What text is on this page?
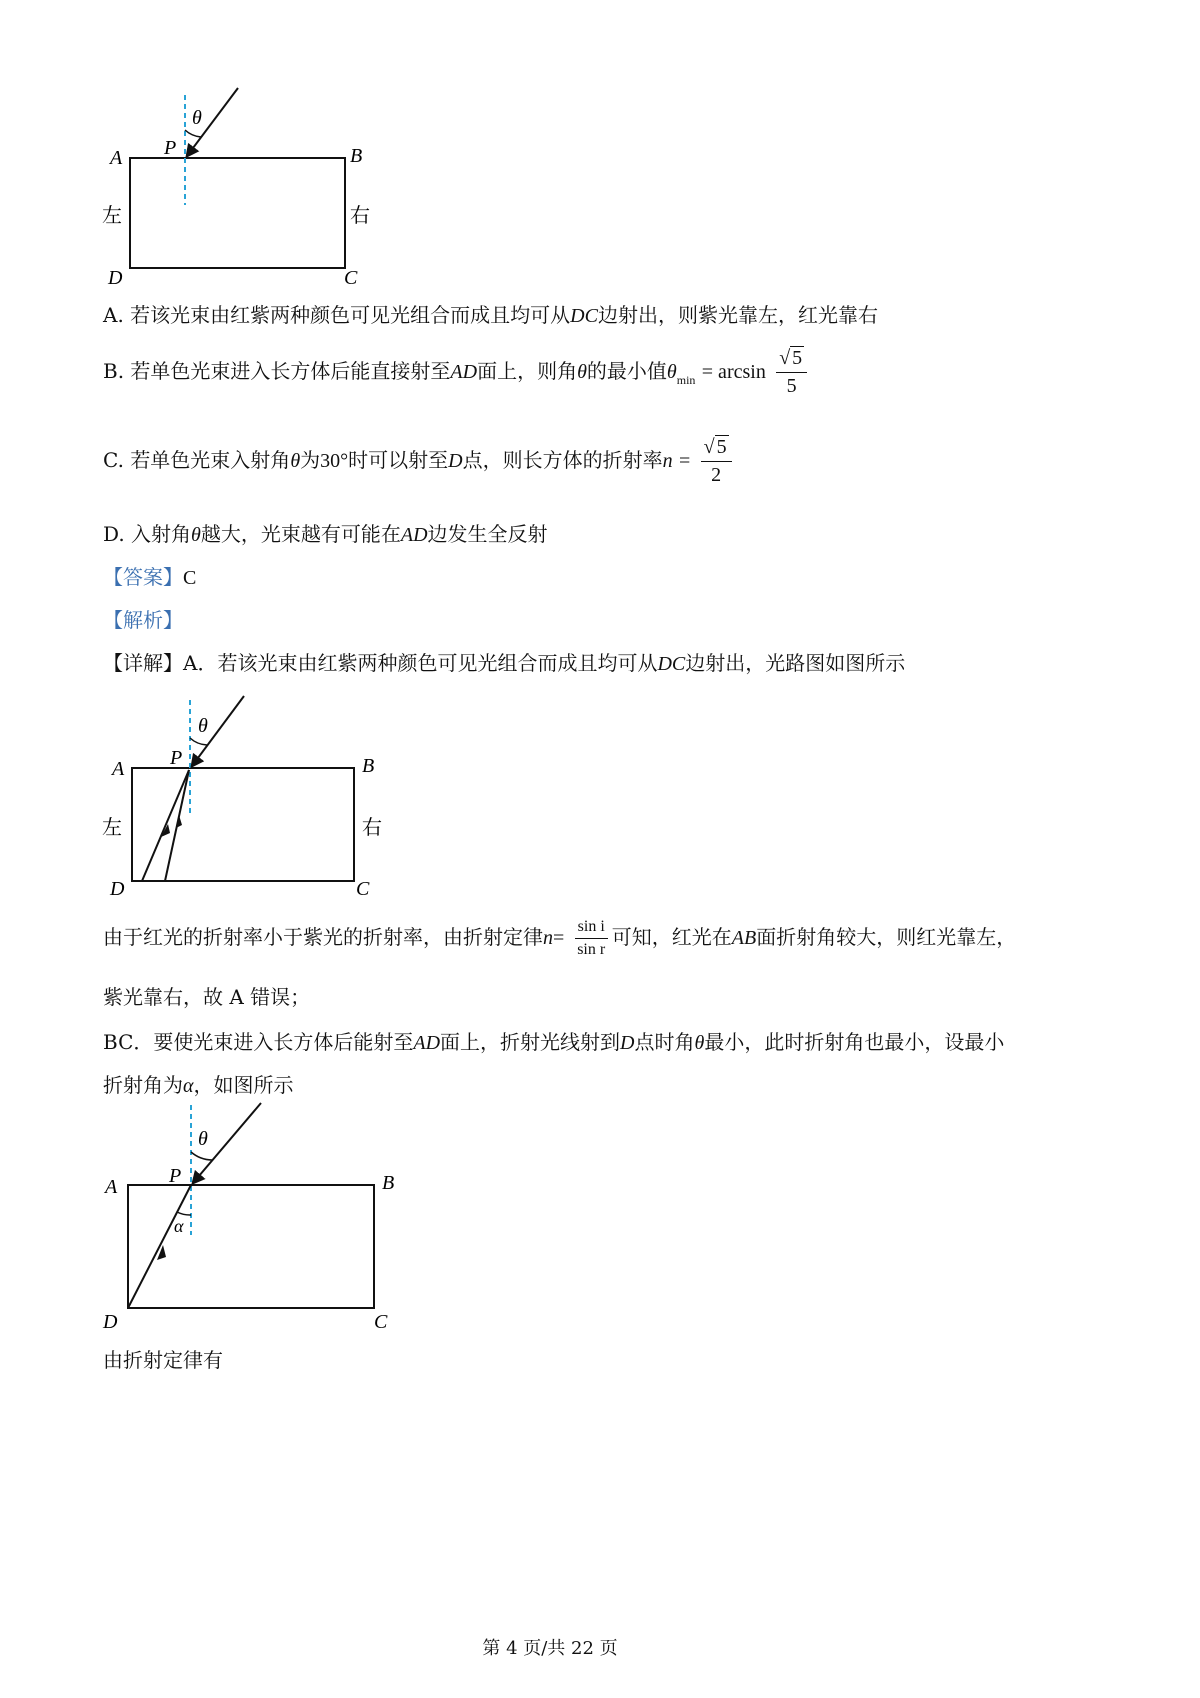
θ
P
A	B
D	C
左	右
A. 若该光束由红紫两种颜色可见光组合而成且均可从DC边射出，则紫光靠左，红光靠右
B. 若单色光束进入长方体后能直接射至AD面上，则角θ的最小值$\theta_{min} = \arcsin \frac{√ 5}{5}$
C. 若单色光束入射角θ为30°时可以射至D点，则长方体的折射率$n = \frac{√ 5}{2}$
D. 入射角θ越大，光束越有可能在AD边发生全反射
【答案】C
【解析】
【详解】A．若该光束由红紫两种颜色可见光组合而成且均可从DC边射出，光路图如图所示
θ
P
A	B
D	C
左	右
由于红光的折射率小于紫光的折射率，由折射定律$n= \frac{\text{sin i}}{\text{sin r}}$ 可知，红光在AB面折射角较大，则红光靠左，
紫光靠右，故 A 错误；
BC．要使光束进入长方体后能射至AD面上，折射光线射到D点时角θ最小，此时折射角也最小，设最小
折射角为α，如图所示
θ
P
α
A	B
D	C
由折射定律有
第 4 页/共 22 页
